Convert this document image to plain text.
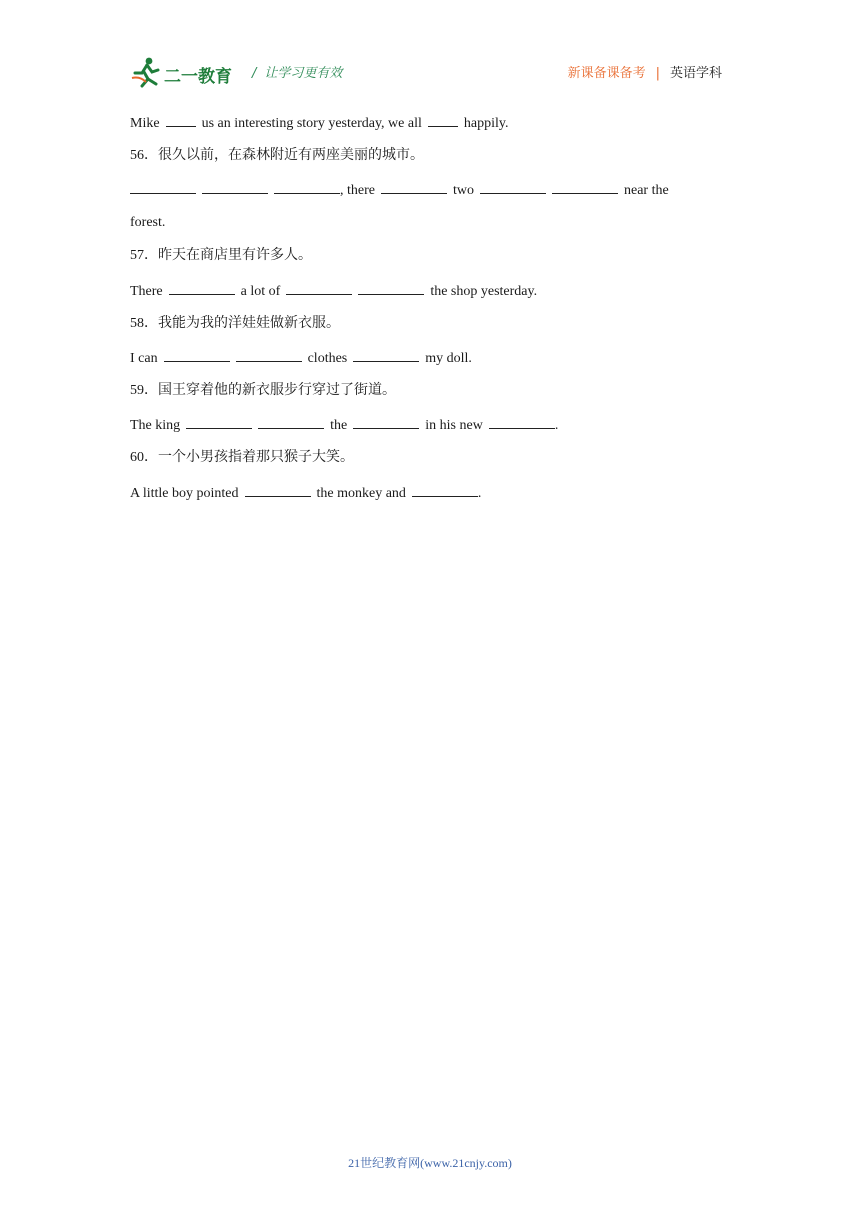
二一教育 / 让学习更有效	新课备课备考 | 英语学科
Mike	us an interesting story yesterday, we all	happily.
56．很久以前，在森林附近有两座美丽的城市。
, there	two	near the
forest.
57．昨天在商店里有许多人。
There	a lot of	the shop yesterday.
58．我能为我的洋娃娃做新衣服。
I can	clothes	my doll.
59．国王穿着他的新衣服步行穿过了街道。
The king	the	in his new	.
60．一个小男孩指着那只猴子大笑。
A little boy pointed	the monkey and	.
21世纪教育网(www.21cnjy.com)
